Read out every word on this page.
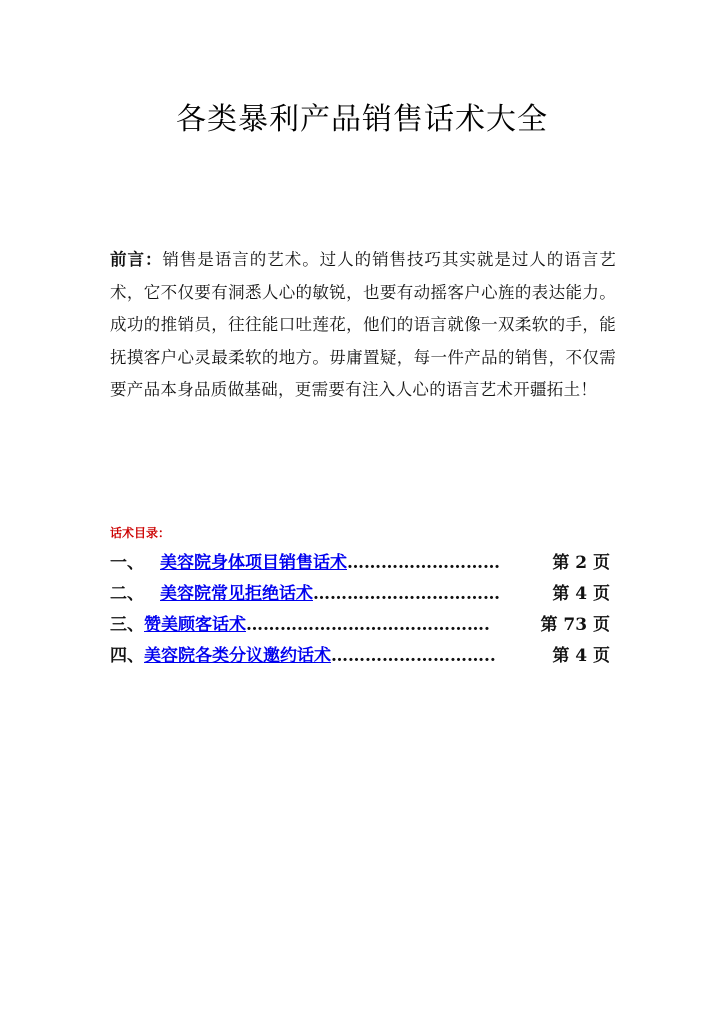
各类暴利产品销售话术大全
前言：销售是语言的艺术。过人的销售技巧其实就是过人的语言艺术，它不仅要有洞悉人心的敏锐，也要有动摇客户心旌的表达能力。成功的推销员，往往能口吐莲花，他们的语言就像一双柔软的手，能抚摸客户心灵最柔软的地方。毋庸置疑，每一件产品的销售，不仅需要产品本身品质做基础，更需要有注入人心的语言艺术开疆拓土！
话术目录：
一、 美容院身体项目销售话术 ………………………	第 2 页
二、 美容院常见拒绝话术 ……………………………	第 4 页
三、 赞美顾客话术 …………………………………….	第 73 页
四、 美容院各类分议邀约话术 ………………………..	第 4 页
